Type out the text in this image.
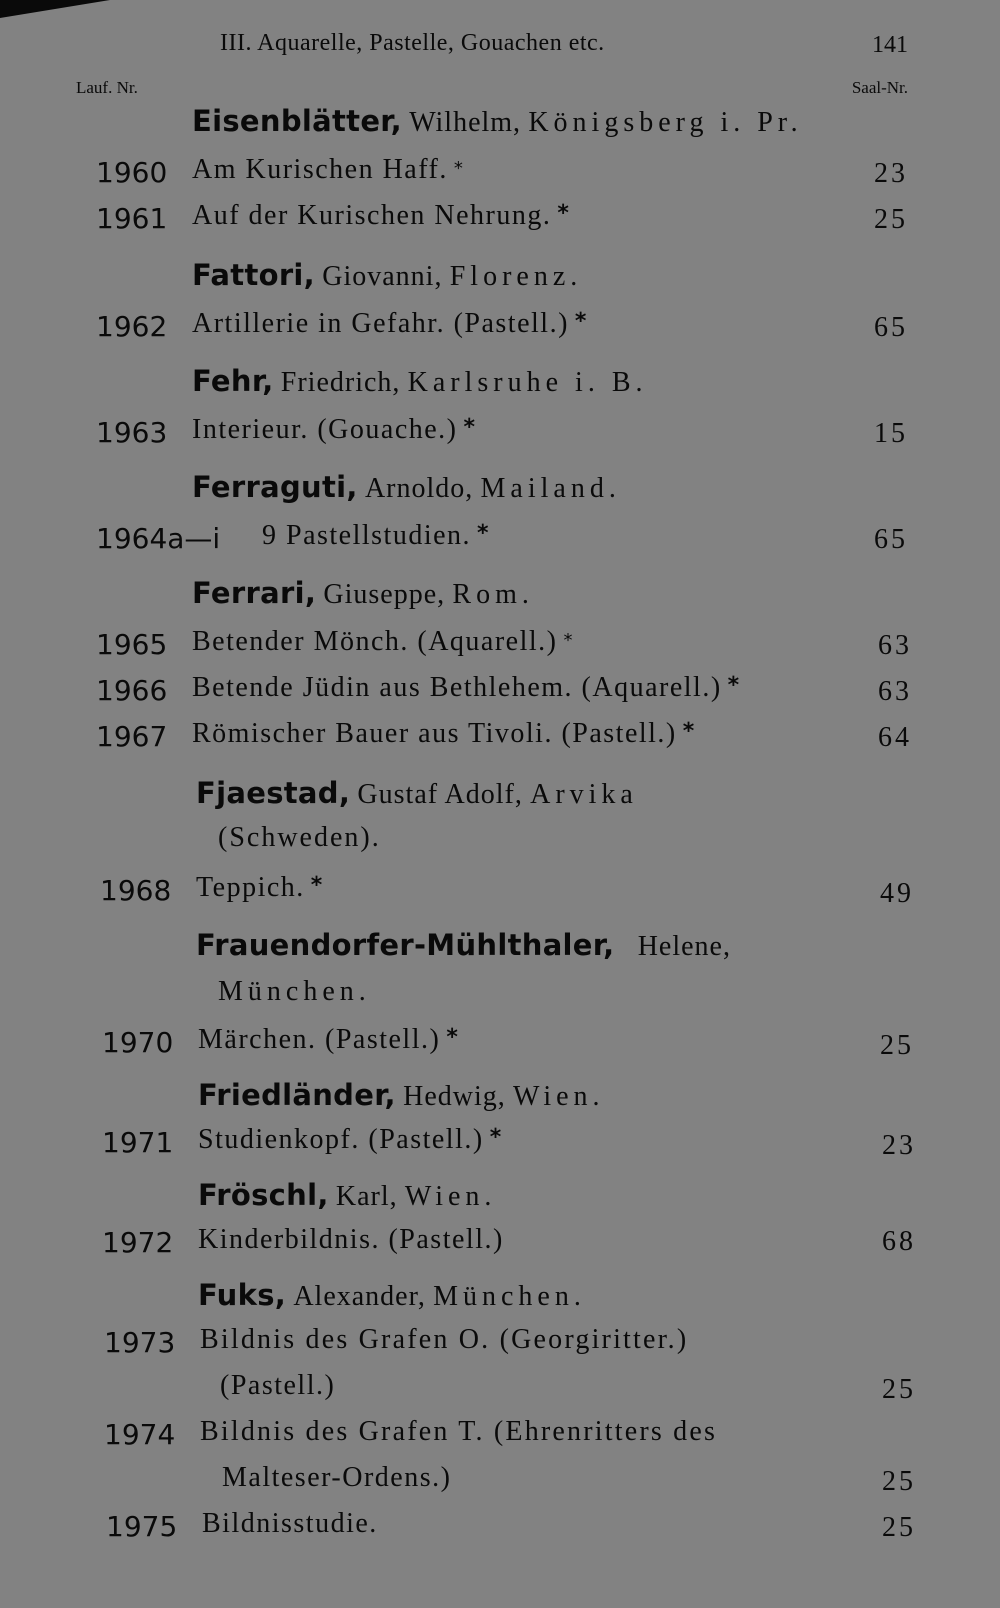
III. Aquarelle, Pastelle, Gouachen etc.	141
Lauf. Nr.	Saal-Nr.
Eisenblätter, Wilhelm, Königsberg i. Pr.
1960 Am Kurischen Haff. *	23
1961 Auf der Kurischen Nehrung. *	25
Fattori, Giovanni, Florenz.
1962 Artillerie in Gefahr. (Pastell.) *	65
Fehr, Friedrich, Karlsruhe i. B.
1963 Interieur. (Gouache.) *	15
Ferraguti, Arnoldo, Mailand.
1964a—i 9 Pastellstudien. *	65
Ferrari, Giuseppe, Rom.
1965 Betender Mönch. (Aquarell.) *	63
1966 Betende Jüdin aus Bethlehem. (Aquarell.) *	63
1967 Römischer Bauer aus Tivoli. (Pastell.) *	64
Fjaestad, Gustaf Adolf, Arvika
(Schweden).
1968 Teppich. *	49
Frauendorfer-Mühlthaler, Helene,
München.
1970 Märchen. (Pastell.) *	25
Friedländer, Hedwig, Wien.
1971 Studienkopf. (Pastell.) *	23
Fröschl, Karl, Wien.
1972 Kinderbildnis. (Pastell.)	68
Fuks, Alexander, München.
1973 Bildnis des Grafen O. (Georgiritter.)
(Pastell.)	25
1974 Bildnis des Grafen T. (Ehrenritters des
Malteser-Ordens.)	25
1975 Bildnisstudie.	25
